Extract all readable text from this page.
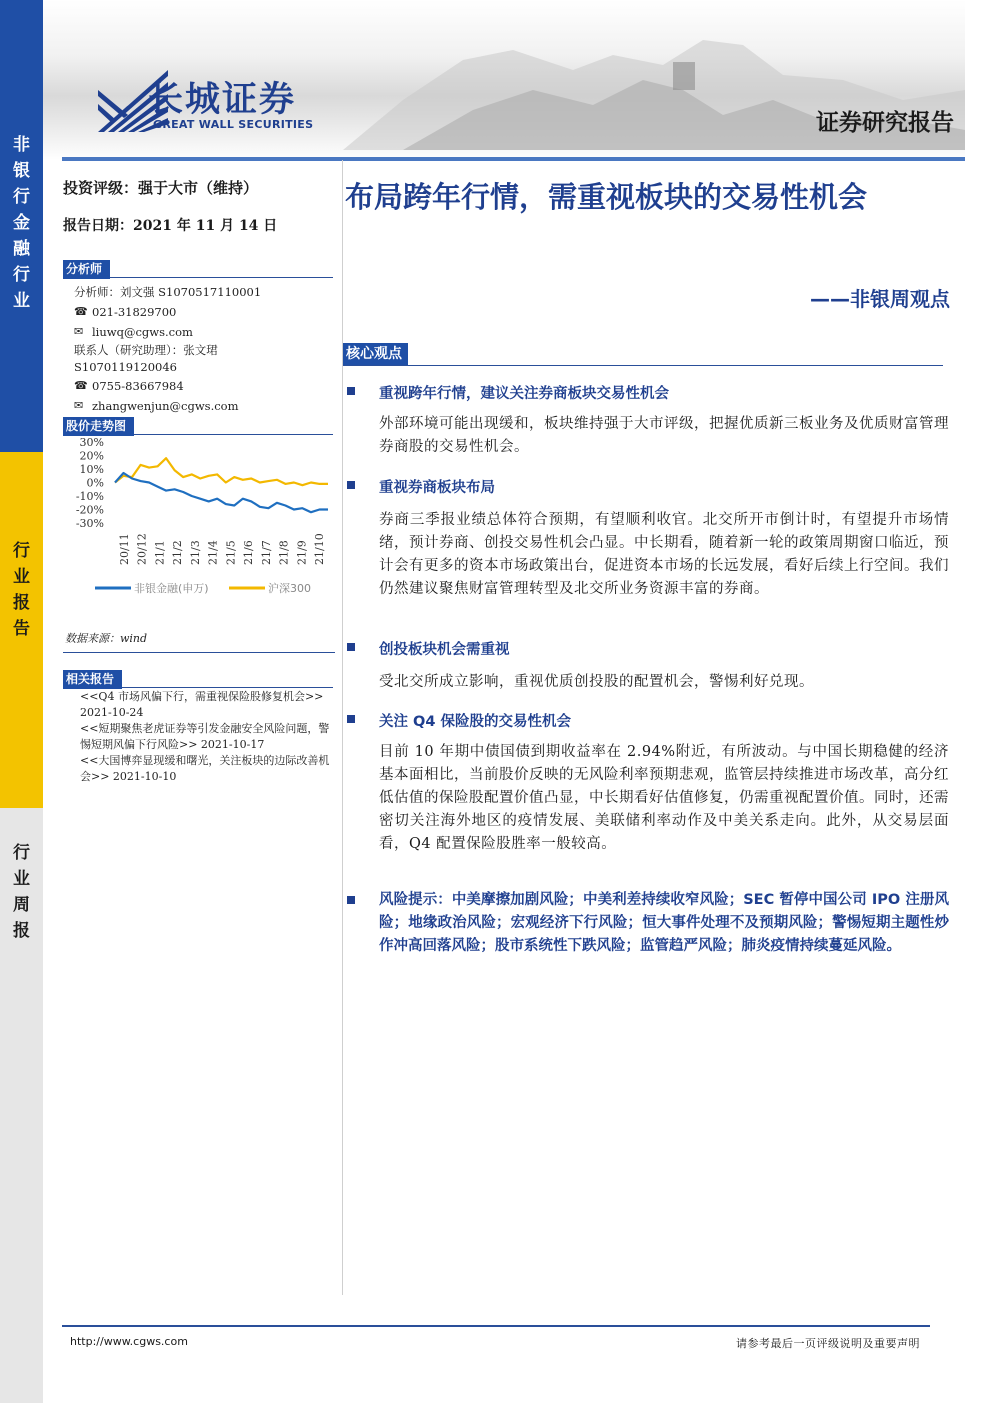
非
银
行
金
融
行
业
行
业
报
告
行
业
周
报
长城证券
GREAT WALL SECURITIES	证券研究报告
投资评级：强于大市（维持）
报告日期：2021 年 11 月 14 日
分析师
分析师：刘文强 S1070517110001
☎ 021-31829700
✉ liuwq@cgws.com
联系人（研究助理）：张文珺
S1070119120046
☎ 0755-83667984
✉ zhangwenjun@cgws.com
股价走势图
30%
20%
10%
0%
-10%
-20%
-30%
20/11 20/12 21/1 21/2 21/3 21/4 21/5 21/6 21/7 21/8 21/9 21/10
非银金融(申万)	沪深300
数据来源：wind
相关报告
<<Q4 市场风偏下行，需重视保险股修复机会>> 2021-10-24
<<短期聚焦老虎证券等引发金融安全风险问题，警惕短期风偏下行风险>> 2021-10-17
<<大国博弈显现缓和曙光，关注板块的边际改善机会>> 2021-10-10
布局跨年行情，需重视板块的交易性机会
——非银周观点
核心观点
重视跨年行情，建议关注券商板块交易性机会
外部环境可能出现缓和，板块维持强于大市评级，把握优质新三板业务及优质财富管理券商股的交易性机会。
重视券商板块布局
券商三季报业绩总体符合预期，有望顺利收官。北交所开市倒计时，有望提升市场情绪，预计券商、创投交易性机会凸显。中长期看，随着新一轮的政策周期窗口临近，预计会有更多的资本市场政策出台，促进资本市场的长远发展，看好后续上行空间。我们仍然建议聚焦财富管理转型及北交所业务资源丰富的券商。
创投板块机会需重视
受北交所成立影响，重视优质创投股的配置机会，警惕利好兑现。
关注 Q4 保险股的交易性机会
目前 10 年期中债国债到期收益率在 2.94%附近，有所波动。与中国长期稳健的经济基本面相比，当前股价反映的无风险利率预期悲观，监管层持续推进市场改革，高分红低估值的保险股配置价值凸显，中长期看好估值修复，仍需重视配置价值。同时，还需密切关注海外地区的疫情发展、美联储利率动作及中美关系走向。此外，从交易层面看，Q4 配置保险股胜率一般较高。
风险提示：中美摩擦加剧风险；中美利差持续收窄风险；SEC 暂停中国公司 IPO 注册风险；地缘政治风险；宏观经济下行风险；恒大事件处理不及预期风险；警惕短期主题性炒作冲高回落风险；股市系统性下跌风险；监管趋严风险；肺炎疫情持续蔓延风险。
http://www.cgws.com	请参考最后一页评级说明及重要声明
